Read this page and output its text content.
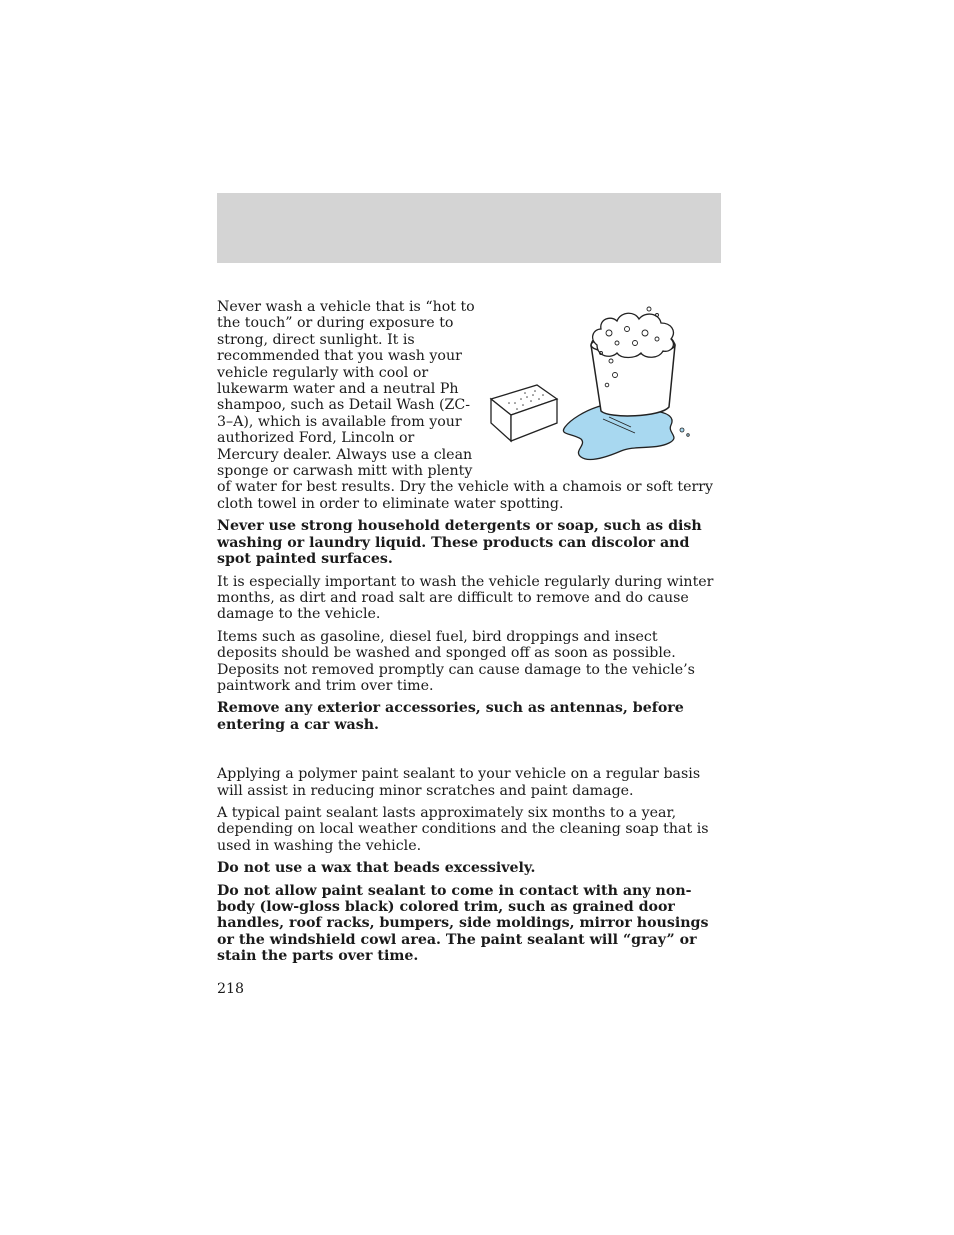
Never wash a vehicle that is “hot to the touch” or during exposure to strong, direct sunlight. It is recommended that you wash your vehicle regularly with cool or lukewarm water and a neutral Ph shampoo, such as Detail Wash (ZC-3–A), which is available from your authorized Ford, Lincoln or Mercury dealer. Always use a clean sponge or carwash mitt with plenty of water for best results. Dry the vehicle with a chamois or soft terry cloth towel in order to eliminate water spotting.

Never use strong household detergents or soap, such as dish washing or laundry liquid. These products can discolor and spot painted surfaces.

It is especially important to wash the vehicle regularly during winter months, as dirt and road salt are difficult to remove and do cause damage to the vehicle.

Items such as gasoline, diesel fuel, bird droppings and insect deposits should be washed and sponged off as soon as possible. Deposits not removed promptly can cause damage to the vehicle’s paintwork and trim over time.

Remove any exterior accessories, such as antennas, before entering a car wash.

Applying a polymer paint sealant to your vehicle on a regular basis will assist in reducing minor scratches and paint damage.

A typical paint sealant lasts approximately six months to a year, depending on local weather conditions and the cleaning soap that is used in washing the vehicle.

Do not use a wax that beads excessively.

Do not allow paint sealant to come in contact with any non-body (low-gloss black) colored trim, such as grained door handles, roof racks, bumpers, side moldings, mirror housings or the windshield cowl area. The paint sealant will “gray” or stain the parts over time.

218
